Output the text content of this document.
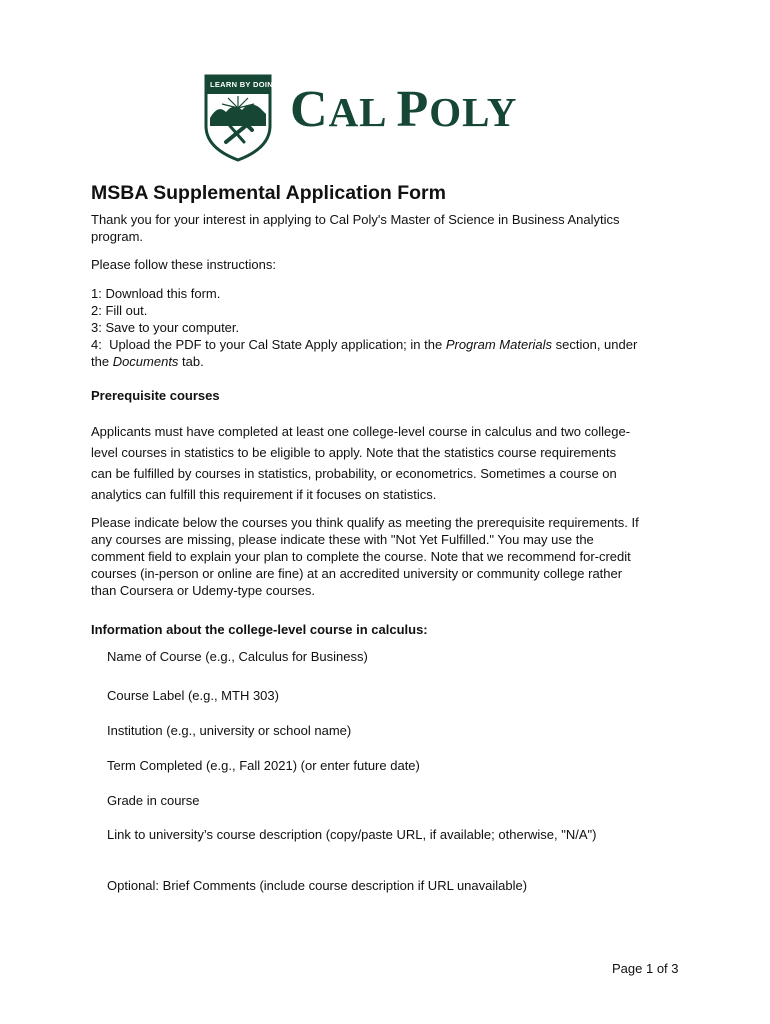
LEARN BY DOING CAL POLY
MSBA Supplemental Application Form
Thank you for your interest in applying to Cal Poly's Master of Science in Business Analytics
program.
Please follow these instructions:
1: Download this form.
2: Fill out.
3: Save to your computer.
4:  Upload the PDF to your Cal State Apply application; in the Program Materials section, under
the Documents tab.
Prerequisite courses
Applicants must have completed at least one college-level course in calculus and two college-
level courses in statistics to be eligible to apply. Note that the statistics course requirements
can be fulfilled by courses in statistics, probability, or econometrics. Sometimes a course on
analytics can fulfill this requirement if it focuses on statistics.
Please indicate below the courses you think qualify as meeting the prerequisite requirements. If
any courses are missing, please indicate these with "Not Yet Fulfilled." You may use the
comment field to explain your plan to complete the course. Note that we recommend for-credit
courses (in-person or online are fine) at an accredited university or community college rather
than Coursera or Udemy-type courses.
Information about the college-level course in calculus:
Name of Course (e.g., Calculus for Business)
Course Label (e.g., MTH 303)
Institution (e.g., university or school name)
Term Completed (e.g., Fall 2021) (or enter future date)
Grade in course
Link to university’s course description (copy/paste URL, if available; otherwise, "N/A")
Optional: Brief Comments (include course description if URL unavailable)
Page 1 of 3
